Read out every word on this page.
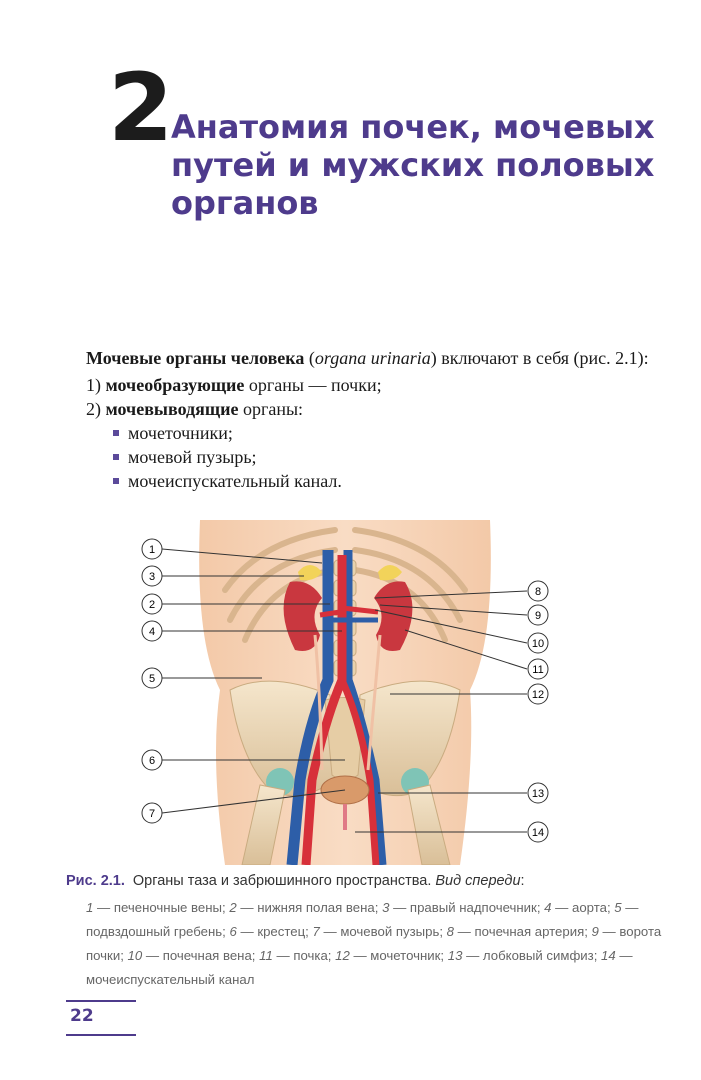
2
Анатомия почек, мочевых
путей и мужских половых
органов
Мочевые органы человека (organa urinaria) включают в себя (рис. 2.1):
1) мочеобразующие органы — почки;
2) мочевыводящие органы:
мочеточники;
мочевой пузырь;
мочеиспускательный канал.
1
3
2
4
5
6
7
8
9
10
11
12
13
14
Рис. 2.1. Органы таза и забрюшинного пространства. Вид спереди:
1 — печеночные вены; 2 — нижняя полая вена; 3 — правый надпочечник; 4 — аорта; 5 — подвздошный гребень; 6 — крестец; 7 — мочевой пузырь; 8 — почечная артерия; 9 — ворота почки; 10 — почечная вена; 11 — почка; 12 — мочеточник; 13 — лобковый симфиз; 14 — мочеиспускательный канал
22
